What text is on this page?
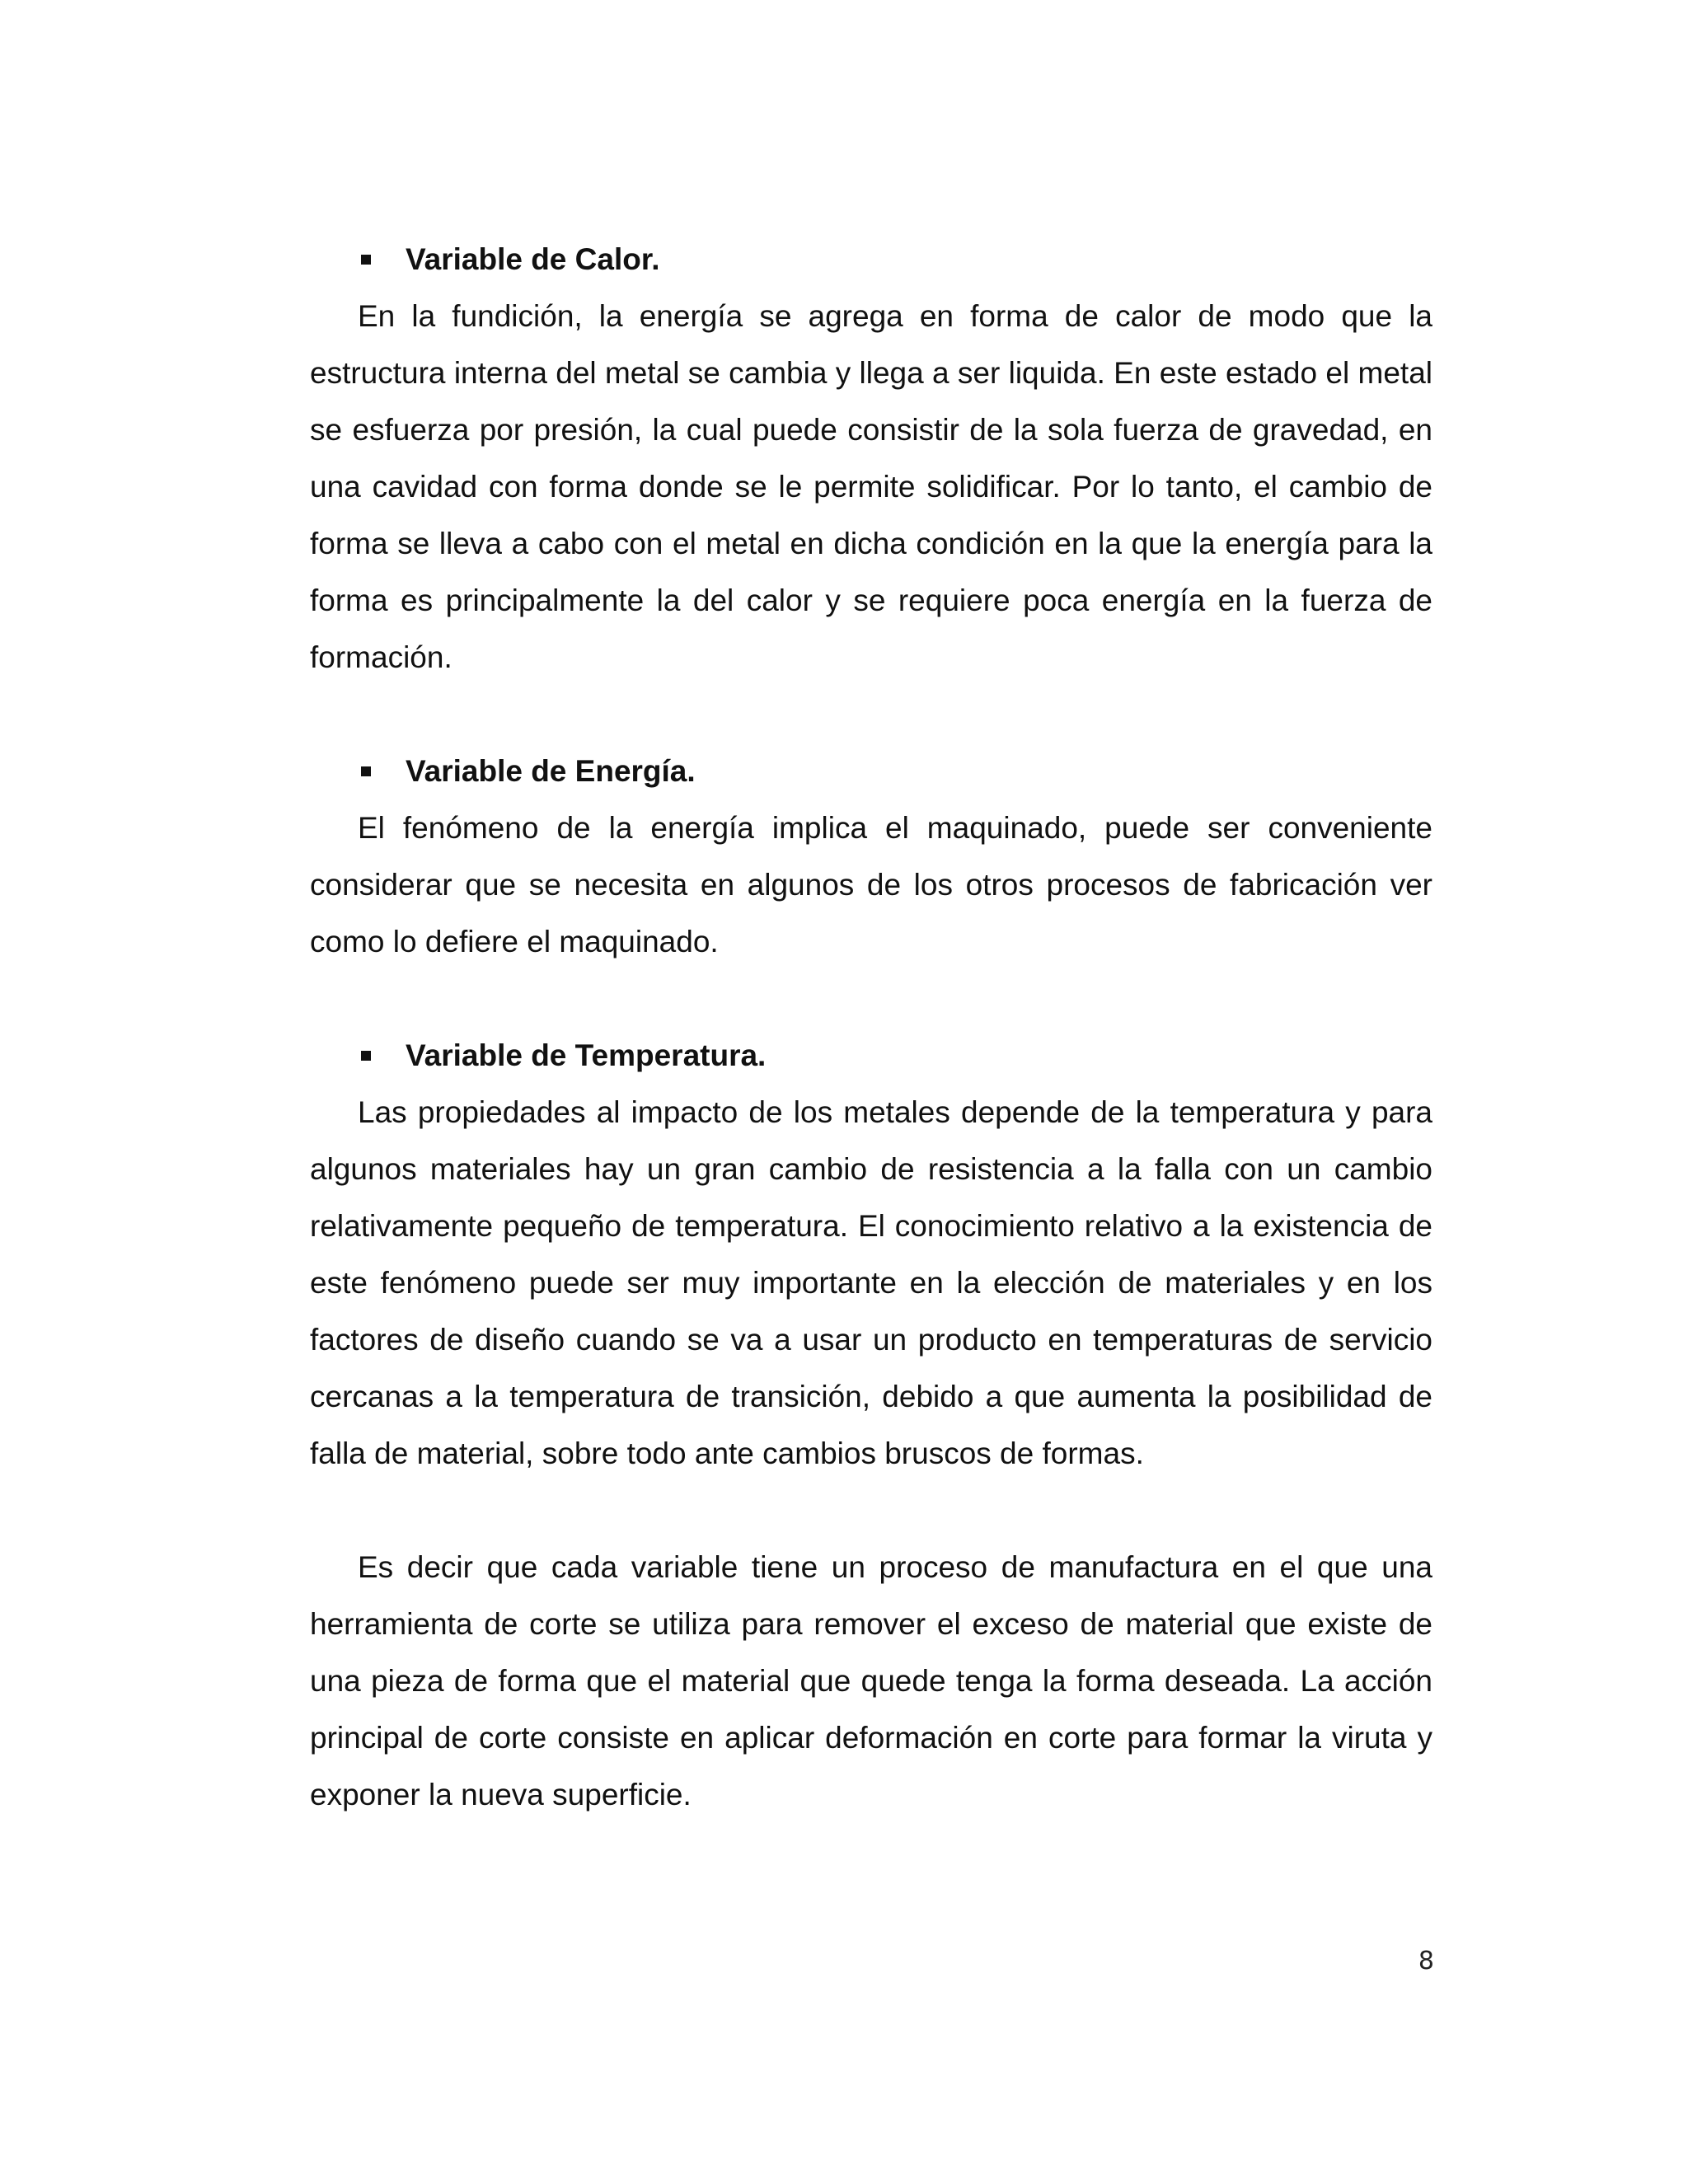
Variable de Calor.

En la fundición, la energía se agrega en forma de calor de modo que la estructura interna del metal se cambia y llega a ser liquida. En este estado el metal se esfuerza por presión, la cual puede consistir de la sola fuerza de gravedad, en una cavidad con forma donde se le permite solidificar. Por lo tanto, el cambio de forma se lleva a cabo con el metal en dicha condición en la que la energía para la forma es principalmente la del calor y se requiere poca energía en la fuerza de formación.

Variable de Energía.

El fenómeno de la energía implica el maquinado, puede ser conveniente considerar que se necesita en algunos de los otros procesos de fabricación ver como lo defiere el maquinado.

Variable de Temperatura.

Las propiedades al impacto de los metales depende de la temperatura y para algunos materiales hay un gran cambio de resistencia a la falla con un cambio relativamente pequeño de temperatura. El conocimiento relativo a la existencia de este fenómeno puede ser muy importante en la elección de materiales y en los factores de diseño cuando se va a usar un producto en temperaturas de servicio cercanas a la temperatura de transición, debido a que aumenta la posibilidad de falla de material, sobre todo ante cambios bruscos de formas.

Es decir que cada variable tiene un proceso de manufactura en el que una herramienta de corte se utiliza para remover el exceso de material que existe de una pieza de forma que el material que quede tenga la forma deseada. La acción principal de corte consiste en aplicar deformación en corte para formar la viruta y exponer la nueva superficie.

8
